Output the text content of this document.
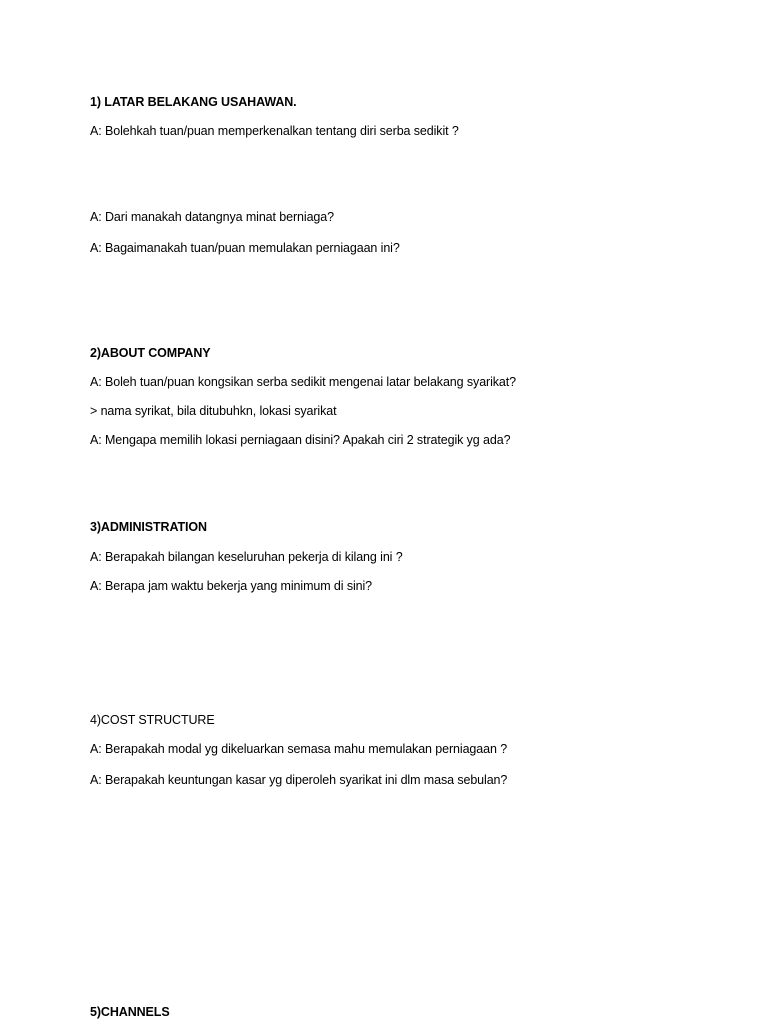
1) LATAR BELAKANG USAHAWAN.
A: Bolehkah tuan/puan memperkenalkan tentang diri serba sedikit ?
A: Dari manakah datangnya minat berniaga?
A: Bagaimanakah tuan/puan memulakan perniagaan ini?
2)ABOUT COMPANY
A: Boleh tuan/puan kongsikan serba sedikit mengenai latar belakang syarikat?
> nama syrikat, bila ditubuhkn, lokasi syarikat
A: Mengapa memilih lokasi perniagaan disini? Apakah ciri 2 strategik yg ada?
3)ADMINISTRATION
A: Berapakah bilangan keseluruhan pekerja di kilang ini ?
A: Berapa jam waktu bekerja yang minimum di sini?
4)COST STRUCTURE
A: Berapakah modal yg dikeluarkan semasa mahu memulakan perniagaan ?
A: Berapakah keuntungan kasar yg diperoleh syarikat ini dlm masa sebulan?
5)CHANNELS
